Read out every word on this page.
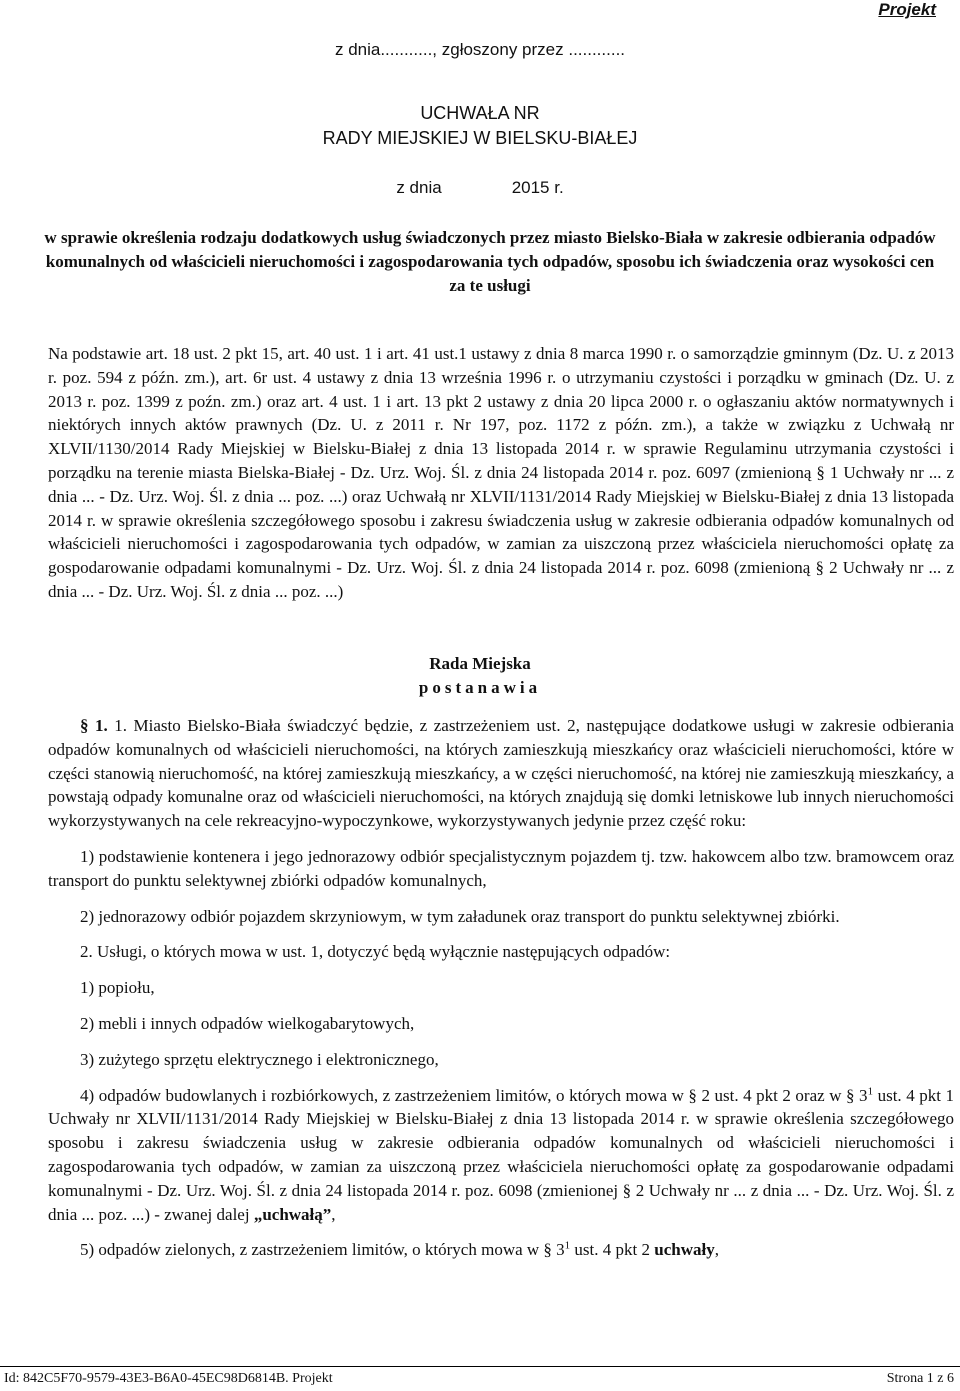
Projekt
z dnia..........., zgłoszony przez ............
UCHWAŁA NR
RADY MIEJSKIEJ W BIELSKU-BIAŁEJ
z dnia	2015 r.
w sprawie określenia rodzaju dodatkowych usług świadczonych przez miasto Bielsko-Biała w zakresie odbierania odpadów komunalnych od właścicieli nieruchomości i zagospodarowania tych odpadów, sposobu ich świadczenia oraz wysokości cen za te usługi
Na podstawie art. 18 ust. 2 pkt 15, art. 40 ust. 1 i art. 41 ust.1 ustawy z dnia 8 marca 1990 r. o samorządzie gminnym (Dz. U. z 2013 r. poz. 594 z późn. zm.), art. 6r ust. 4 ustawy z dnia 13 września 1996 r. o utrzymaniu czystości i porządku w gminach (Dz. U. z 2013 r. poz. 1399 z poźn. zm.) oraz art. 4 ust. 1 i art. 13 pkt 2 ustawy z dnia 20 lipca 2000 r. o ogłaszaniu aktów normatywnych i niektórych innych aktów prawnych (Dz. U. z 2011 r. Nr 197, poz. 1172 z późn. zm.), a także w związku z Uchwałą nr XLVII/1130/2014 Rady Miejskiej w Bielsku-Białej z dnia 13 listopada 2014 r. w sprawie Regulaminu utrzymania czystości i porządku na terenie miasta Bielska-Białej - Dz. Urz. Woj. Śl. z dnia 24 listopada 2014 r. poz. 6097 (zmienioną § 1 Uchwały nr ... z dnia ... - Dz. Urz. Woj. Śl. z dnia ... poz. ...) oraz Uchwałą nr XLVII/1131/2014 Rady Miejskiej w Bielsku-Białej z dnia 13 listopada 2014 r. w sprawie określenia szczegółowego sposobu i zakresu świadczenia usług w zakresie odbierania odpadów komunalnych od właścicieli nieruchomości i zagospodarowania tych odpadów, w zamian za uiszczoną przez właściciela nieruchomości opłatę za gospodarowanie odpadami komunalnymi - Dz. Urz. Woj. Śl. z dnia 24 listopada 2014 r. poz. 6098 (zmienioną § 2 Uchwały nr ... z dnia ... - Dz. Urz. Woj. Śl. z dnia ... poz. ...)
Rada Miejska
postanawia
§ 1. 1. Miasto Bielsko-Biała świadczyć będzie, z zastrzeżeniem ust. 2, następujące dodatkowe usługi w zakresie odbierania odpadów komunalnych od właścicieli nieruchomości, na których zamieszkują mieszkańcy oraz właścicieli nieruchomości, które w części stanowią nieruchomość, na której zamieszkują mieszkańcy, a w części nieruchomość, na której nie zamieszkują mieszkańcy, a powstają odpady komunalne oraz od właścicieli nieruchomości, na których znajdują się domki letniskowe lub innych nieruchomości wykorzystywanych na cele rekreacyjno-wypoczynkowe, wykorzystywanych jedynie przez część roku:
1) podstawienie kontenera i jego jednorazowy odbiór specjalistycznym pojazdem tj. tzw. hakowcem albo tzw. bramowcem oraz transport do punktu selektywnej zbiórki odpadów komunalnych,
2) jednorazowy odbiór pojazdem skrzyniowym, w tym załadunek oraz transport do punktu selektywnej zbiórki.
2. Usługi, o których mowa w ust. 1, dotyczyć będą wyłącznie następujących odpadów:
1) popiołu,
2) mebli i innych odpadów wielkogabarytowych,
3) zużytego sprzętu elektrycznego i elektronicznego,
4) odpadów budowlanych i rozbiórkowych, z zastrzeżeniem limitów, o których mowa w § 2 ust. 4 pkt 2 oraz w § $3^1$ ust. 4 pkt 1 Uchwały nr XLVII/1131/2014 Rady Miejskiej w Bielsku-Białej z dnia 13 listopada 2014 r. w sprawie określenia szczegółowego sposobu i zakresu świadczenia usług w zakresie odbierania odpadów komunalnych od właścicieli nieruchomości i zagospodarowania tych odpadów, w zamian za uiszczoną przez właściciela nieruchomości opłatę za gospodarowanie odpadami komunalnymi - Dz. Urz. Woj. Śl. z dnia 24 listopada 2014 r. poz. 6098 (zmienionej § 2 Uchwały nr ... z dnia ... - Dz. Urz. Woj. Śl. z dnia ... poz. ...) - zwanej dalej „uchwałą”,
5) odpadów zielonych, z zastrzeżeniem limitów, o których mowa w § $3^1$ ust. 4 pkt 2 uchwały,
Id: 842C5F70-9579-43E3-B6A0-45EC98D6814B. Projekt	Strona 1 z 6
